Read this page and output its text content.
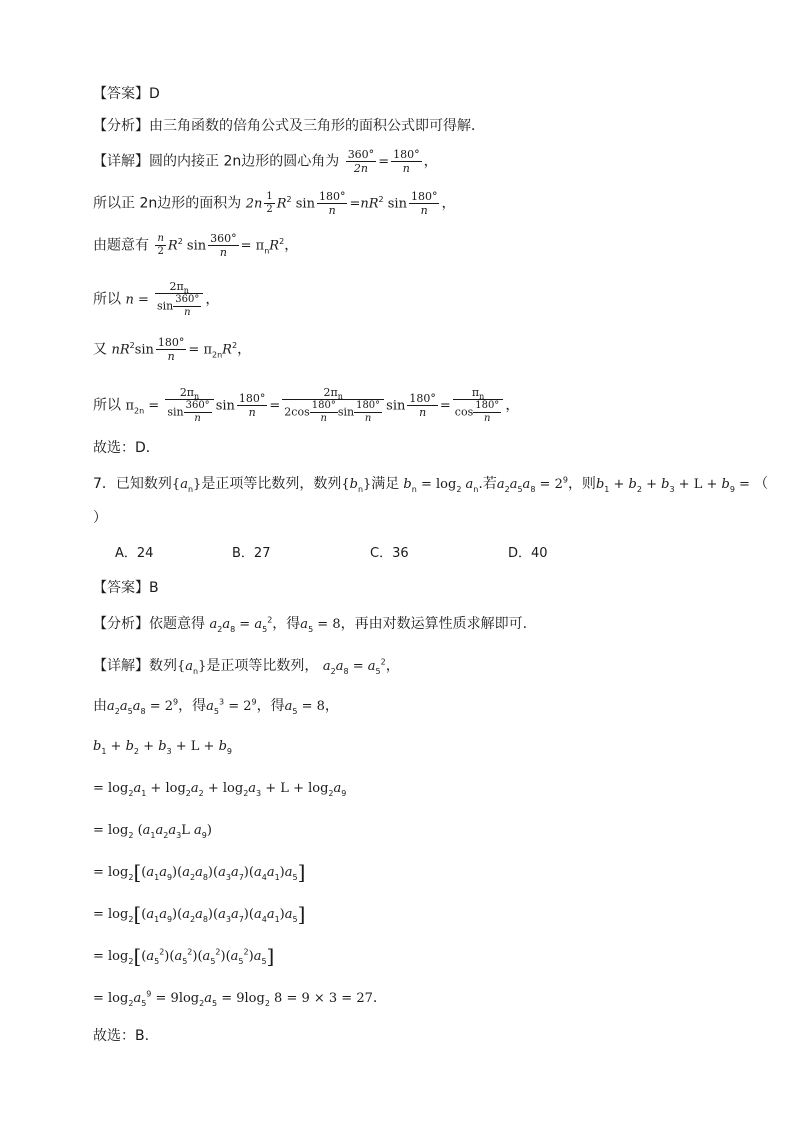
【答案】D
【分析】由三角函数的倍角公式及三角形的面积公式即可得解．
【详解】圆的内接正 2n边形的圆心角为 $\frac{360^\circ}{2n} = \frac{180^\circ}{n}$ ，
所以正 2n边形的面积为 $2n \frac{1}{2} R^2$ $\sin \frac{180^\circ}{n} =nR^2$ $\sin \frac{180^\circ}{n}$ ，
由题意有 $\frac{n}{2} R^2$ $\sin \frac{360^\circ}{n} = \pi_nR^2$，
所以 $n = \frac{2\pi_n}{\sin \frac{360^\circ}{n}}$ ，
又 $nR^2\sin \frac{180^\circ}{n} = \pi_{2n}R^2$，
所以 $\pi_{2n} = \frac{2\pi_n}{\sin \frac{360^\circ}{n}}$ $\sin \frac{180^\circ}{n} = \frac{2\pi_n}{2\cos \frac{180^\circ}{n} \sin \frac{180^\circ}{n}}$ $\sin \frac{180^\circ}{n} = \frac{\pi_n}{\cos \frac{180^\circ}{n}}$ ，
故选：D．
7．已知数列$\{a_n\}$是正项等比数列，数列$\{b_n\}$满足 $b_n = \log_2 a_n$.若$a_2a_5a_8 = 2^9$，则$b_1 + b_2 + b_3 + L + b_9$ = （
）
A．24	B．27	C．36	D．40
【答案】B
【分析】依题意得 $a_2a_8 = a_5^2$，得$a_5 = 8$，再由对数运算性质求解即可.
【详解】数列$\{a_n\}$是正项等比数列， $a_2a_8 = a_5^2$，
由$a_2a_5a_8 = 2^9$，得$a_5^3 = 2^9$，得$a_5 = 8$，
$b_1 + b_2 + b_3 + L + b_9$
= $\log_2a_1 + \log_2a_2 + \log_2a_3 + L + \log_2a_9$
= $\log_2 (a_1a_2a_3L$ $a_9$)
= $\log_2[(a_1a_9)(a_2a_8)(a_3a_7)(a_4a_1)a_5]$
= $\log_2[(a_1a_9)(a_2a_8)(a_3a_7)(a_4a_1)a_5]$
= $\log_2[(a_5^2)(a_5^2)(a_5^2)(a_5^2)a_5]$
= $\log_2a_5^9 = 9\log_2a_5 = 9\log_2$ 8 = 9 × 3 = 27.
故选：B.
